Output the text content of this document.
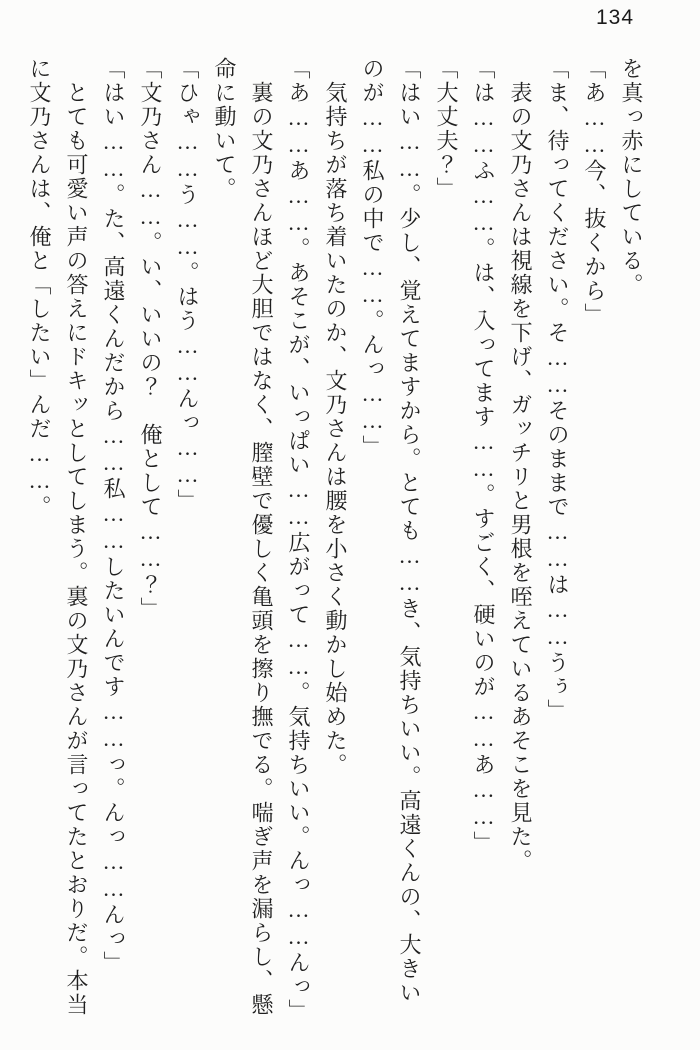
134

を真っ赤にしている。

「あ……今、抜くから」

「ま、待ってください。そ……そのままで……は……うぅ」

表の文乃さんは視線を下げ、ガッチリと男根を咥えているあそこを見た。

「は……ふ……。は、入ってます……。すごく、硬いのが……あ……」

「大丈夫？」

「はい……。少し、覚えてますから。とても……き、気持ちいい。高遠くんの、大きいのが……私の中で……。んっ……」

気持ちが落ち着いたのか、文乃さんは腰を小さく動かし始めた。

「あ……あ……。あそこが、いっぱい……広がって……。気持ちいい。んっ……んっ」

裏の文乃さんほど大胆ではなく、膣壁で優しく亀頭を擦り撫でる。喘ぎ声を漏らし、懸命に動いて。

「ひゃ……う……。はう……んっ……」

「文乃さん……。い、いいの？　俺として……？」

「はい……。た、高遠くんだから……私……したいんです……っ。んっ……んっ」

とても可愛い声の答えにドキッとしてしまう。裏の文乃さんが言ってたとおりだ。本当に文乃さんは、俺と「したい」んだ……。
